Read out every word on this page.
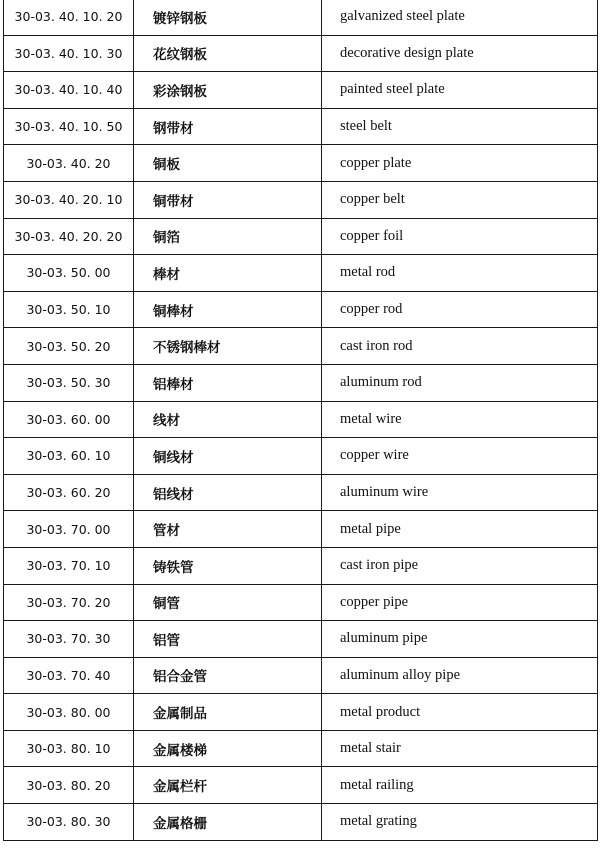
30-03. 40. 10. 20	镀锌钢板	galvanized steel plate
30-03. 40. 10. 30	花纹钢板	decorative design plate
30-03. 40. 10. 40	彩涂钢板	painted steel plate
30-03. 40. 10. 50	钢带材	steel belt
30-03. 40. 20	铜板	copper plate
30-03. 40. 20. 10	铜带材	copper belt
30-03. 40. 20. 20	铜箔	copper foil
30-03. 50. 00	棒材	metal rod
30-03. 50. 10	铜棒材	copper rod
30-03. 50. 20	不锈钢棒材	cast iron rod
30-03. 50. 30	铝棒材	aluminum rod
30-03. 60. 00	线材	metal wire
30-03. 60. 10	铜线材	copper wire
30-03. 60. 20	铝线材	aluminum wire
30-03. 70. 00	管材	metal pipe
30-03. 70. 10	铸铁管	cast iron pipe
30-03. 70. 20	铜管	copper pipe
30-03. 70. 30	铝管	aluminum pipe
30-03. 70. 40	铝合金管	aluminum alloy pipe
30-03. 80. 00	金属制品	metal product
30-03. 80. 10	金属楼梯	metal stair
30-03. 80. 20	金属栏杆	metal railing
30-03. 80. 30	金属格栅	metal grating
